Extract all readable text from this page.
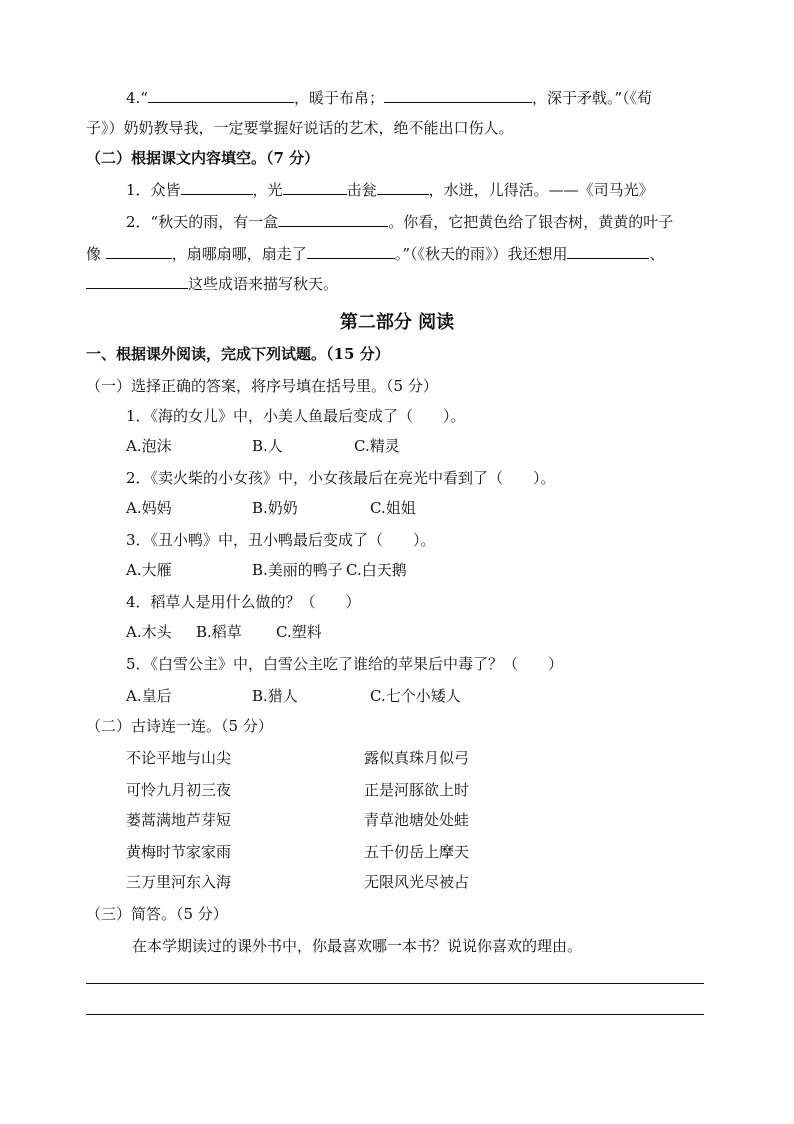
4.“	，暖于布帛；	，深于矛戟。”（《荀
子》）奶奶教导我，一定要掌握好说话的艺术，绝不能出口伤人。
（二）根据课文内容填空。（7 分）
1．众皆	，光	击瓮	，水迸，儿得活。——《司马光》
2．“秋天的雨，有一盒	。你看，它把黄色给了银杏树，黄黄的叶子
像	，扇哪扇哪，扇走了	。”（《秋天的雨》）我还想用	、
这些成语来描写秋天。
第二部分 阅读
一、根据课外阅读，完成下列试题。（15 分）
（一）选择正确的答案，将序号填在括号里。（5 分）
1．《海的女儿》中，小美人鱼最后变成了（　　）。
A.泡沫	B.人	C.精灵
2．《卖火柴的小女孩》中，小女孩最后在亮光中看到了（　　）。
A.妈妈	B.奶奶	C.姐姐
3．《丑小鸭》中，丑小鸭最后变成了（　　）。
A.大雁	B.美丽的鸭子 C.白天鹅
4．稻草人是用什么做的？（　　）
A.木头 B.稻草 C.塑料
5．《白雪公主》中，白雪公主吃了谁给的苹果后中毒了？（　　）
A.皇后	B.猎人	C.七个小矮人
（二）古诗连一连。（5 分）
不论平地与山尖	露似真珠月似弓
可怜九月初三夜	正是河豚欲上时
蒌蒿满地芦芽短	青草池塘处处蛙
黄梅时节家家雨	五千仞岳上摩天
三万里河东入海	无限风光尽被占
（三）简答。（5 分）
在本学期读过的课外书中，你最喜欢哪一本书？说说你喜欢的理由。
